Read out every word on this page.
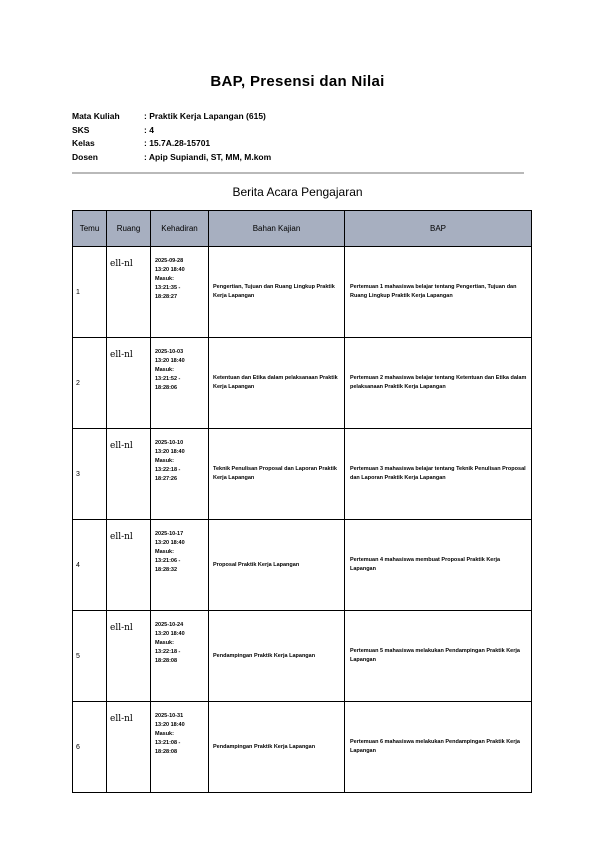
BAP, Presensi dan Nilai
Mata Kuliah	: Praktik Kerja Lapangan (615)
SKS	: 4
Kelas	: 15.7A.28-15701
Dosen	: Apip Supiandi, ST, MM, M.kom
Berita Acara Pengajaran
Temu	Ruang	Kehadiran	Bahan Kajian	BAP
1	ell-nl	2025-09-28
13:20 18:40
Masuk:
13:21:35 -
18:28:27	Pengertian, Tujuan dan Ruang Lingkup Praktik Kerja Lapangan	Pertemuan 1 mahasiswa belajar tentang Pengertian, Tujuan dan Ruang Lingkup Praktik Kerja Lapangan
2	ell-nl	2025-10-03
13:20 18:40
Masuk:
13:21:52 -
18:28:06	Ketentuan dan Etika dalam pelaksanaan Praktik Kerja Lapangan	Pertemuan 2 mahasiswa belajar tentang Ketentuan dan Etika dalam pelaksanaan Praktik Kerja Lapangan
3	ell-nl	2025-10-10
13:20 18:40
Masuk:
13:22:18 -
18:27:26	Teknik Penulisan Proposal dan Laporan Praktik Kerja Lapangan	Pertemuan 3 mahasiswa belajar tentang Teknik Penulisan Proposal dan Laporan Praktik Kerja Lapangan
4	ell-nl	2025-10-17
13:20 18:40
Masuk:
13:21:06 -
18:28:32	Proposal Praktik Kerja Lapangan	Pertemuan 4 mahasiswa membuat Proposal Praktik Kerja Lapangan
5	ell-nl	2025-10-24
13:20 18:40
Masuk:
13:22:18 -
18:28:08	Pendampingan Praktik Kerja Lapangan	Pertemuan 5 mahasiswa melakukan Pendampingan Praktik Kerja Lapangan
6	ell-nl	2025-10-31
13:20 18:40
Masuk:
13:21:08 -
18:28:08	Pendampingan Praktik Kerja Lapangan	Pertemuan 6 mahasiswa melakukan Pendampingan Praktik Kerja Lapangan
